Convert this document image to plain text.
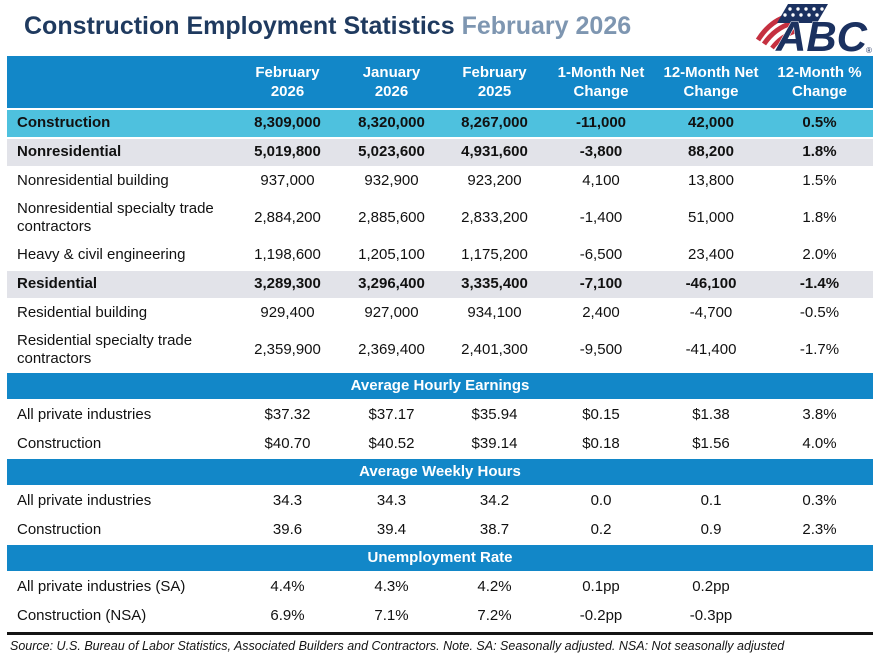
Construction Employment Statistics February 2026	ABC ®
	February 2026	January 2026	February 2025	1-Month Net Change	12-Month Net Change	12-Month % Change
Construction	8,309,000	8,320,000	8,267,000	-11,000	42,000	0.5%
Nonresidential	5,019,800	5,023,600	4,931,600	-3,800	88,200	1.8%
Nonresidential building	937,000	932,900	923,200	4,100	13,800	1.5%
Nonresidential specialty trade contractors	2,884,200	2,885,600	2,833,200	-1,400	51,000	1.8%
Heavy & civil engineering	1,198,600	1,205,100	1,175,200	-6,500	23,400	2.0%
Residential	3,289,300	3,296,400	3,335,400	-7,100	-46,100	-1.4%
Residential building	929,400	927,000	934,100	2,400	-4,700	-0.5%
Residential specialty trade contractors	2,359,900	2,369,400	2,401,300	-9,500	-41,400	-1.7%
Average Hourly Earnings						
All private industries	$37.32	$37.17	$35.94	$0.15	$1.38	3.8%
Construction	$40.70	$40.52	$39.14	$0.18	$1.56	4.0%
Average Weekly Hours						
All private industries	34.3	34.3	34.2	0.0	0.1	0.3%
Construction	39.6	39.4	38.7	0.2	0.9	2.3%
Unemployment Rate						
All private industries (SA)	4.4%	4.3%	4.2%	0.1pp	0.2pp	
Construction (NSA)	6.9%	7.1%	7.2%	-0.2pp	-0.3pp	

Source: U.S. Bureau of Labor Statistics, Associated Builders and Contractors. Note. SA: Seasonally adjusted. NSA: Not seasonally adjusted
